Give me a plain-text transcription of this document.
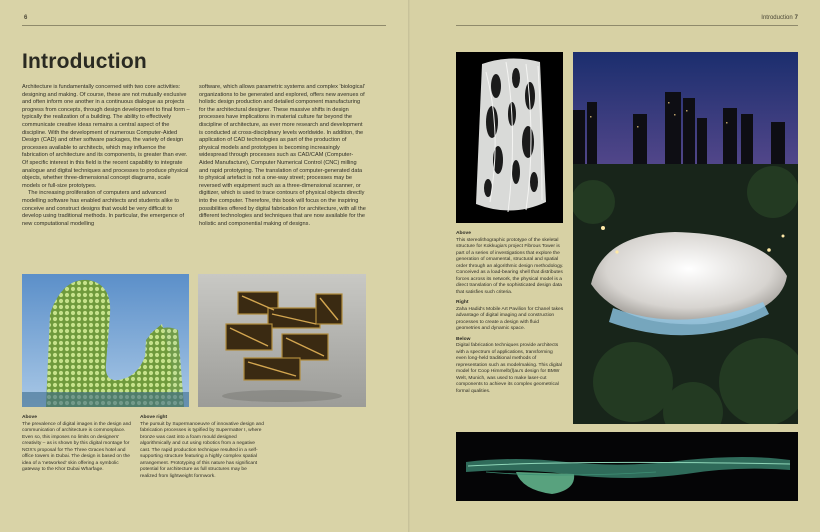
6
Introduction

Architecture is fundamentally concerned with two core activities: designing and making. Of course, these are not mutually exclusive and often inform one another in a continuous dialogue as projects progress from concepts, through design development to final form – typically the realization of a building. The ability to effectively communicate creative ideas remains a central aspect of the discipline. With the development of numerous Computer-Aided Design (CAD) and other software packages, the variety of design processes available to architects, which may influence the fabrication of architecture and its components, is greater than ever. Of specific interest in this field is the recent capability to integrate analogue and digital techniques and processes to produce physical objects, whether three-dimensional concept diagrams, scale models or full-size prototypes.

The increasing proliferation of computers and advanced modelling software has enabled architects and students alike to conceive and construct designs that would be very difficult to develop using traditional methods. In particular, the emergence of new computational modelling

software, which allows parametric systems and complex 'biological' organizations to be generated and explored, offers new avenues of holistic design production and detailed component manufacturing for the architectural designer. These massive shifts in design processes have implications in material culture far beyond the discipline of architecture, as ever more research and development is conducted at cross-disciplinary levels worldwide. In addition, the application of CAD technologies as part of the production of physical models and prototypes is becoming increasingly widespread through processes such as CAD/CAM (Computer-Aided Manufacture), Computer Numerical Control (CNC) milling and rapid prototyping. The translation of computer-generated data to physical artefact is not a one-way street; processes may be reversed with equipment such as a three-dimensional scanner, or digitizer, which is used to trace contours of physical objects directly into the computer. Therefore, this book will focus on the inspiring possibilities offered by digital fabrication for architecture, with all the different technologies and techniques that are now available for the holistic and componential making of designs.

Above
The prevalence of digital images in the design and communication of architecture is commonplace. Even so, this imposes no limits on designers' creativity – as is shown by this digital montage for NOX's proposal for The Three Graces hotel and office towers in Dubai. The design is based on the idea of a 'networked' skin offering a symbolic gateway to the Khor Dubai Wharfage.
Above right
The pursuit by Supermanoeuvre of innovative design and fabrication processes is typified by Supermatter I, where bronze was cast into a foam mould designed algorithmically and cut using robotics from a negative cast. The rapid production technique resulted in a self-supporting structure featuring a highly complex spatial arrangement. Prototyping of this nature has significant potential for architecture as full structures may be realized from lightweight formwork.
Introduction 7

Above
This stereolithographic prototype of the skeletal structure for Kokkugia's project Fibrous Tower is part of a series of investigations that explore the generation of ornamental, structural and spatial order through an algorithmic design methodology. Conceived as a load-bearing shell that distributes forces across its network, the physical model is a direct translation of the sophisticated design data that satisfies such criteria.

Right
Zaha Hadid's Mobile Art Pavilion for Chanel takes advantage of digital imaging and construction processes to create a design with fluid geometries and dynamic space.

Below
Digital fabrication techniques provide architects with a spectrum of applications, transforming even long-held traditional methods of representation such as modelmaking. This digital model for Coop Himmelb(l)au's design for BMW Welt, Munich, was used to make laser-cut components to achieve its complex geometrical formal qualities.
